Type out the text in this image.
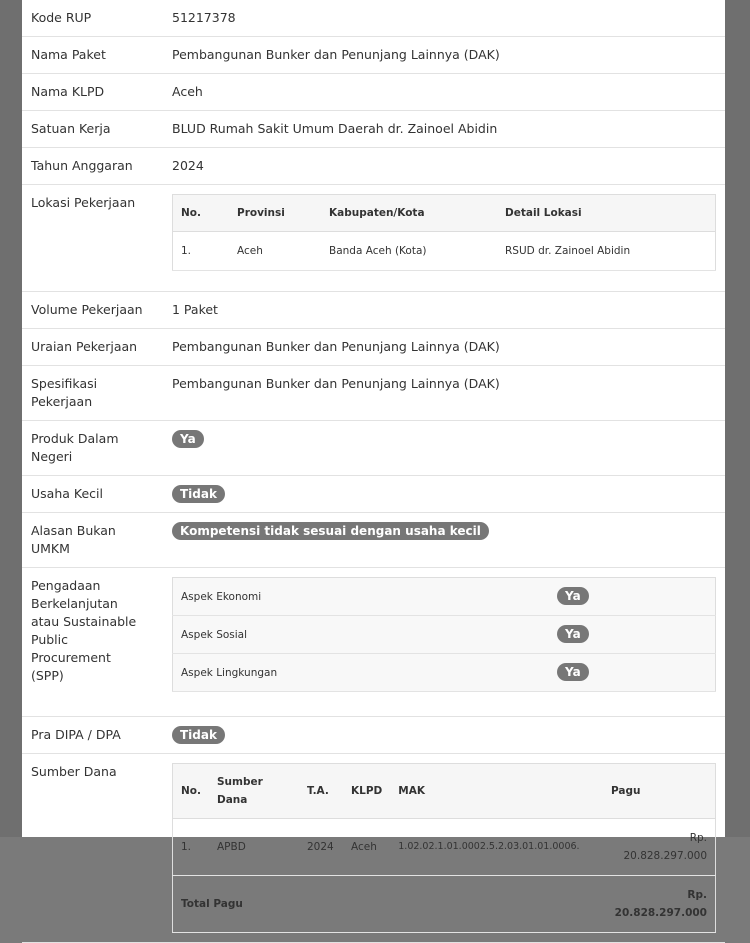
Kode RUP	51217378
Nama Paket	Pembangunan Bunker dan Penunjang Lainnya (DAK)
Nama KLPD	Aceh
Satuan Kerja	BLUD Rumah Sakit Umum Daerah dr. Zainoel Abidin
Tahun Anggaran	2024
Lokasi Pekerjaan	
No.	Provinsi	Kabupaten/Kota	Detail Lokasi
1.	Aceh	Banda Aceh (Kota)	RSUD dr. Zainoel Abidin

Volume Pekerjaan	1 Paket
Uraian Pekerjaan	Pembangunan Bunker dan Penunjang Lainnya (DAK)
Spesifikasi Pekerjaan	Pembangunan Bunker dan Penunjang Lainnya (DAK)
Produk Dalam Negeri	Ya
Usaha Kecil	Tidak
Alasan Bukan UMKM	Kompetensi tidak sesuai dengan usaha kecil
Pengadaan Berkelanjutan atau Sustainable Public Procurement (SPP)	
Aspek Ekonomi	Ya
Aspek Sosial	Ya
Aspek Lingkungan	Ya

Pra DIPA / DPA	Tidak
Sumber Dana	
No.	Sumber Dana	T.A.	KLPD	MAK	Pagu
1.	APBD	2024	Aceh	1.02.02.1.01.0002.5.2.03.01.01.0006.	Rp. 20.828.297.000
Total Pagu	Rp. 20.828.297.000
